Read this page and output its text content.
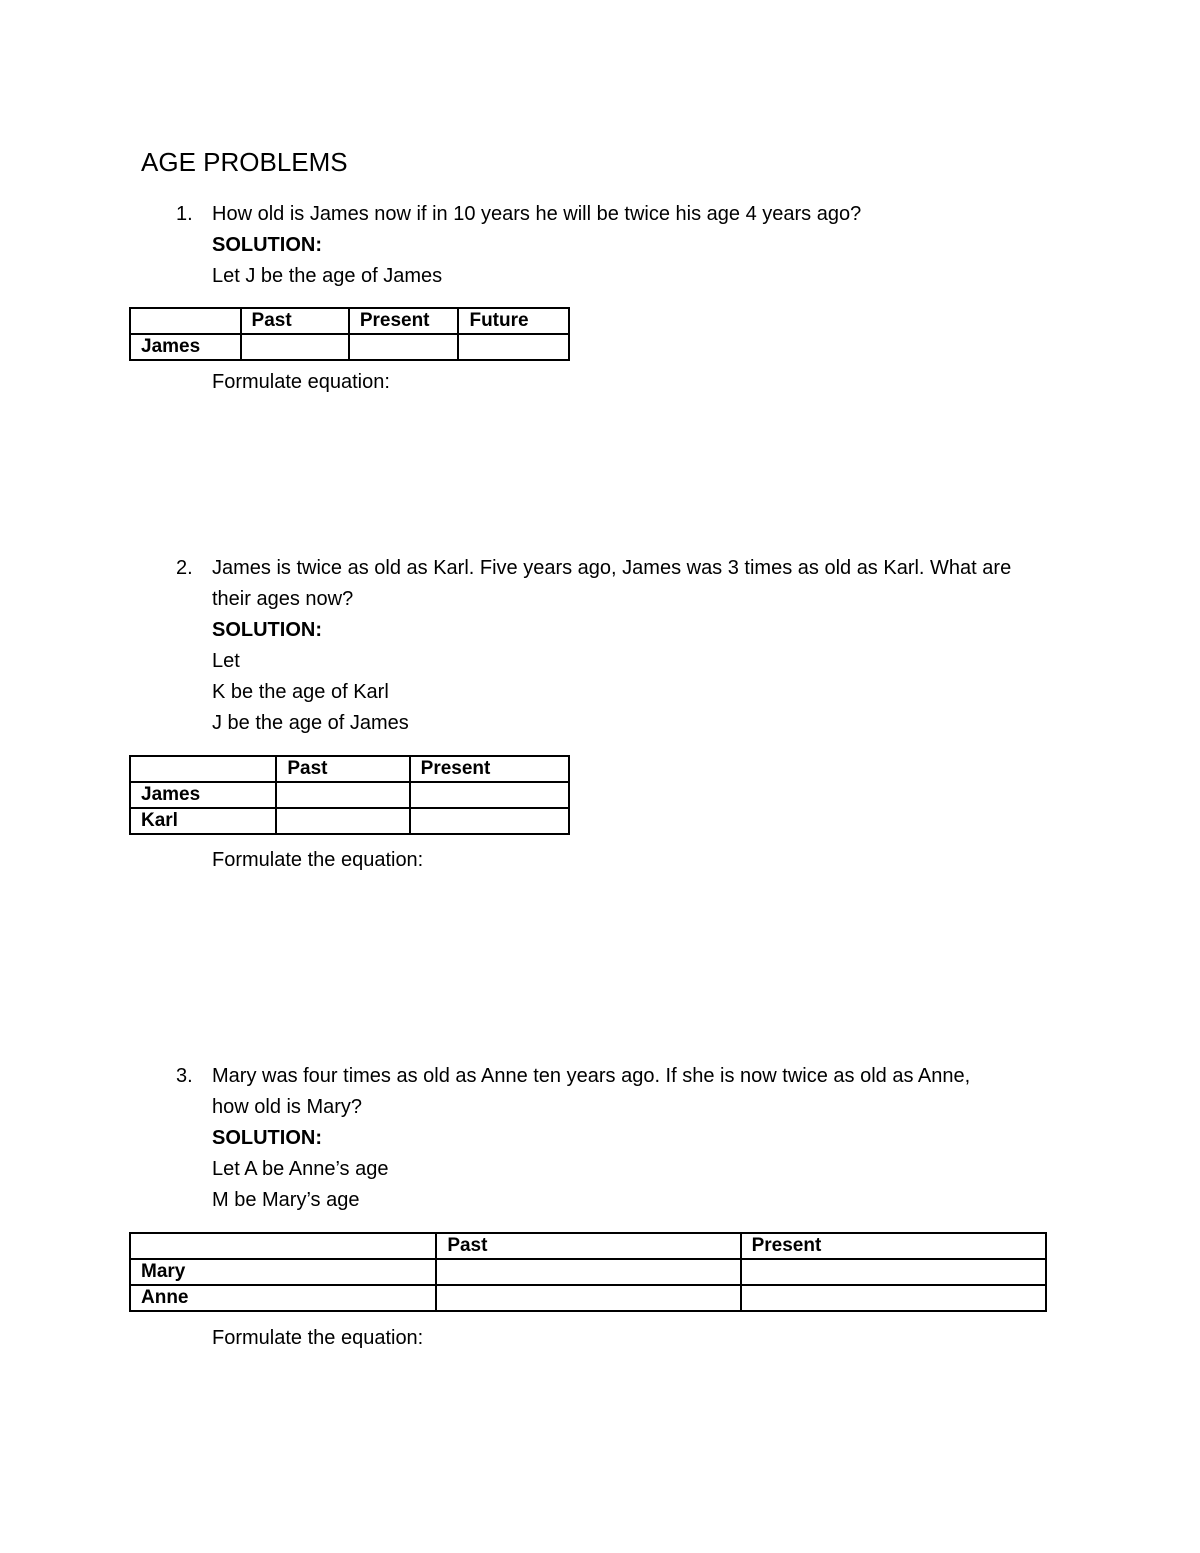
AGE PROBLEMS
1. How old is James now if in 10 years he will be twice his age 4 years ago?
SOLUTION:
Let J be the age of James
	Past	Present	Future
James			
Formulate equation:
2. James is twice as old as Karl. Five years ago, James was 3 times as old as Karl. What are
their ages now?
SOLUTION:
Let
K be the age of Karl
J be the age of James
	Past	Present
James		
Karl		
Formulate the equation:
3. Mary was four times as old as Anne ten years ago. If she is now twice as old as Anne,
how old is Mary?
SOLUTION:
Let A be Anne’s age
M be Mary’s age
	Past	Present
Mary		
Anne		
Formulate the equation:
